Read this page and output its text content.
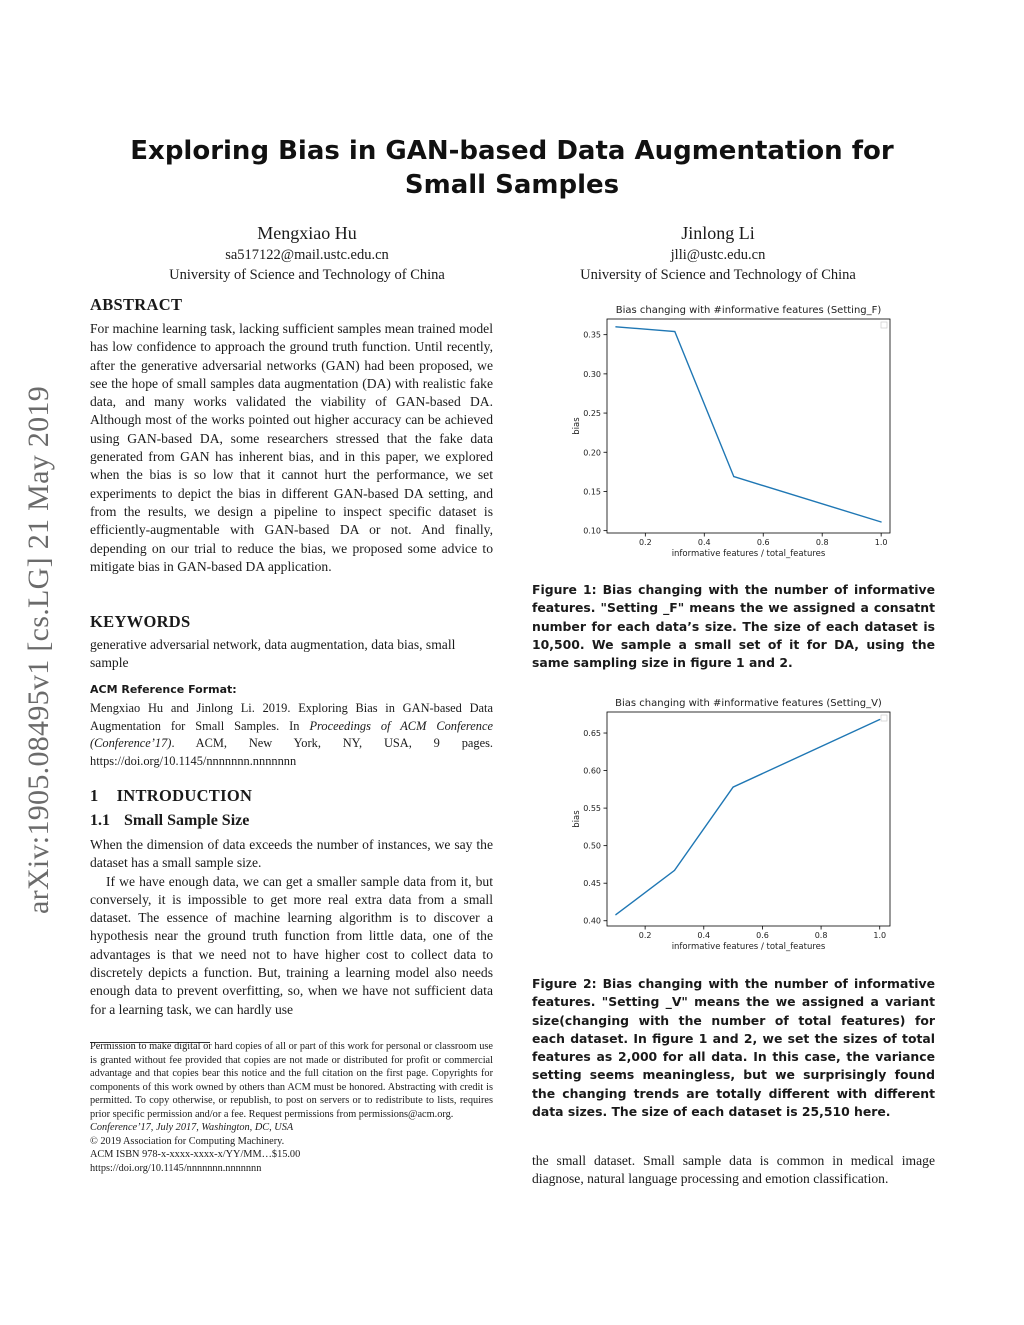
arXiv:1905.08495v1 [cs.LG] 21 May 2019
Exploring Bias in GAN-based Data Augmentation for Small Samples
Mengxiao Hu
sa517122@mail.ustc.edu.cn
University of Science and Technology of China
Jinlong Li
jlli@ustc.edu.cn
University of Science and Technology of China
ABSTRACT
For machine learning task, lacking sufficient samples mean trained model has low confidence to approach the ground truth function. Until recently, after the generative adversarial networks (GAN) had been proposed, we see the hope of small samples data augmentation (DA) with realistic fake data, and many works validated the viability of GAN-based DA. Although most of the works pointed out higher accuracy can be achieved using GAN-based DA, some researchers stressed that the fake data generated from GAN has inherent bias, and in this paper, we explored when the bias is so low that it cannot hurt the performance, we set experiments to depict the bias in different GAN-based DA setting, and from the results, we design a pipeline to inspect specific dataset is efficiently-augmentable with GAN-based DA or not. And finally, depending on our trial to reduce the bias, we proposed some advice to mitigate bias in GAN-based DA application.
KEYWORDS
generative adversarial network, data augmentation, data bias, small sample
ACM Reference Format:
Mengxiao Hu and Jinlong Li. 2019. Exploring Bias in GAN-based Data Augmentation for Small Samples. In Proceedings of ACM Conference (Conference’17). ACM, New York, NY, USA, 9 pages. https://doi.org/10.1145/nnnnnnn.nnnnnnn
1 INTRODUCTION
1.1 Small Sample Size
When the dimension of data exceeds the number of instances, we say the dataset has a small sample size.
If we have enough data, we can get a smaller sample data from it, but conversely, it is impossible to get more real extra data from a small dataset. The essence of machine learning algorithm is to discover a hypothesis near the ground truth function from little data, one of the advantages is that we need not to have higher cost to collect data to discretely depicts a function. But, training a learning model also needs enough data to prevent overfitting, so, when we have not sufficient data for a learning task, we can hardly use
Permission to make digital or hard copies of all or part of this work for personal or classroom use is granted without fee provided that copies are not made or distributed for profit or commercial advantage and that copies bear this notice and the full citation on the first page. Copyrights for components of this work owned by others than ACM must be honored. Abstracting with credit is permitted. To copy otherwise, or republish, to post on servers or to redistribute to lists, requires prior specific permission and/or a fee. Request permissions from permissions@acm.org.
Conference’17, July 2017, Washington, DC, USA
© 2019 Association for Computing Machinery.
ACM ISBN 978-x-xxxx-xxxx-x/YY/MM…$15.00
https://doi.org/10.1145/nnnnnnn.nnnnnnn
Bias changing with #informative features (Setting_F)
0.2	0.4	0.6	0.8	1.0
0.10
0.15
0.20
0.25
0.30
0.35
informative features / total_features
bias
Figure 1: Bias changing with the number of informative features. "Setting _F" means the we assigned a consatnt number for each data’s size. The size of each dataset is 10,500. We sample a small set of it for DA, using the same sampling size in figure 1 and 2.
Bias changing with #informative features (Setting_V)
0.2	0.4	0.6	0.8	1.0
0.40
0.45
0.50
0.55
0.60
0.65
informative features / total_features
bias
Figure 2: Bias changing with the number of informative features. "Setting _V" means the we assigned a variant size(changing with the number of total features) for each dataset. In figure 1 and 2, we set the sizes of total features as 2,000 for all data. In this case, the variance setting seems meaningless, but we surprisingly found the changing trends are totally different with different data sizes. The size of each dataset is 25,510 here.
the small dataset. Small sample data is common in medical image diagnose, natural language processing and emotion classification.
